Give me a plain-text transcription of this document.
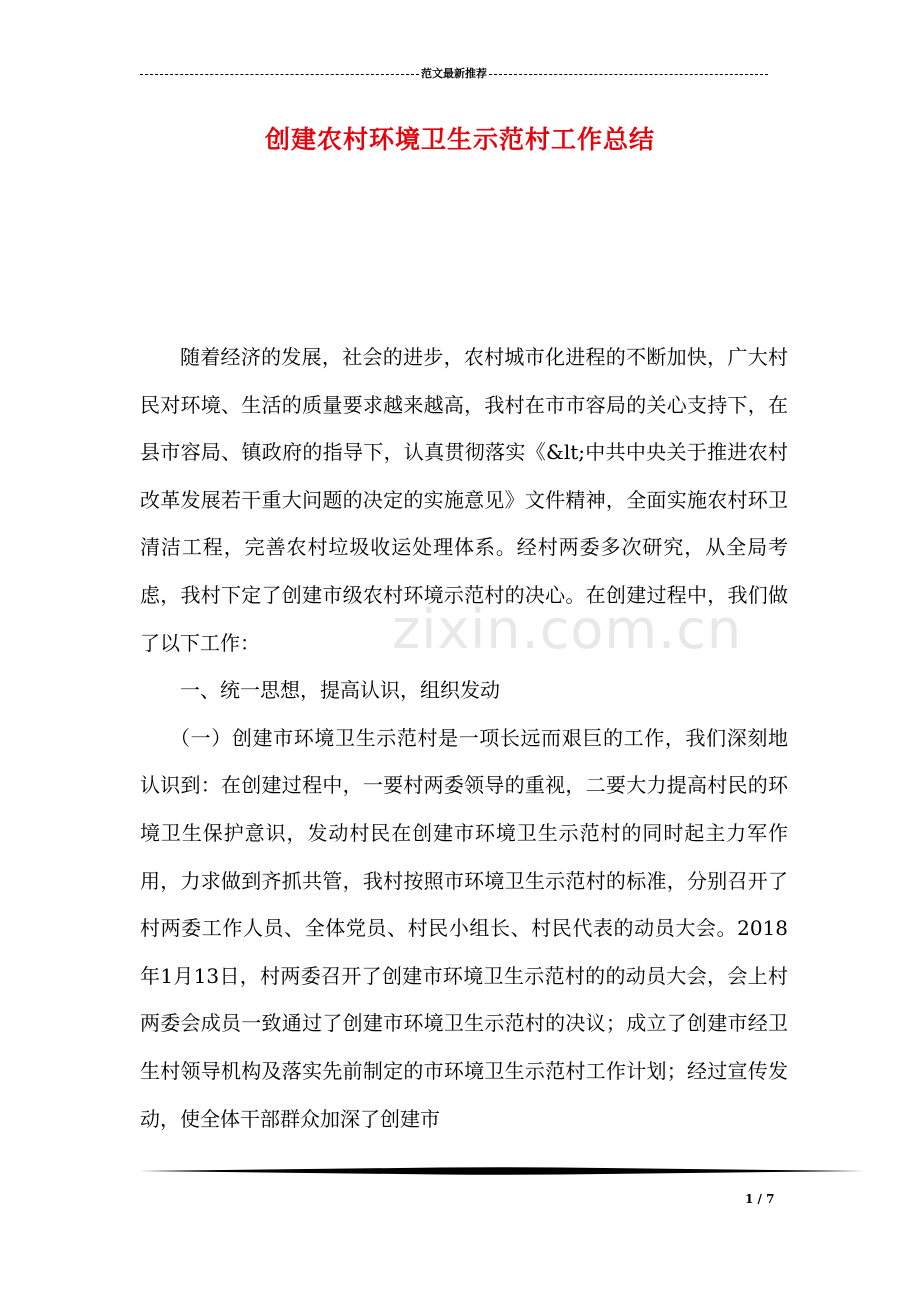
范文最新推荐
创建农村环境卫生示范村工作总结

随着经济的发展，社会的进步，农村城市化进程的不断加快，广大村民对环境、生活的质量要求越来越高，我村在市市容局的关心支持下，在县市容局、镇政府的指导下，认真贯彻落实《&lt;中共中央关于推进农村改革发展若干重大问题的决定的实施意见》文件精神，全面实施农村环卫清洁工程，完善农村垃圾收运处理体系。经村两委多次研究，从全局考虑，我村下定了创建市级农村环境示范村的决心。在创建过程中，我们做了以下工作：

一、统一思想，提高认识，组织发动

（一）创建市环境卫生示范村是一项长远而艰巨的工作，我们深刻地认识到：在创建过程中，一要村两委领导的重视，二要大力提高村民的环境卫生保护意识，发动村民在创建市环境卫生示范村的同时起主力军作用，力求做到齐抓共管，我村按照市环境卫生示范村的标准，分别召开了村两委工作人员、全体党员、村民小组长、村民代表的动员大会。2018年1月13日，村两委召开了创建市环境卫生示范村的的动员大会，会上村两委会成员一致通过了创建市环境卫生示范村的决议；成立了创建市经卫生村领导机构及落实先前制定的市环境卫生示范村工作计划；经过宣传发动，使全体干部群众加深了创建市

zixin.com.cn
1 / 7
